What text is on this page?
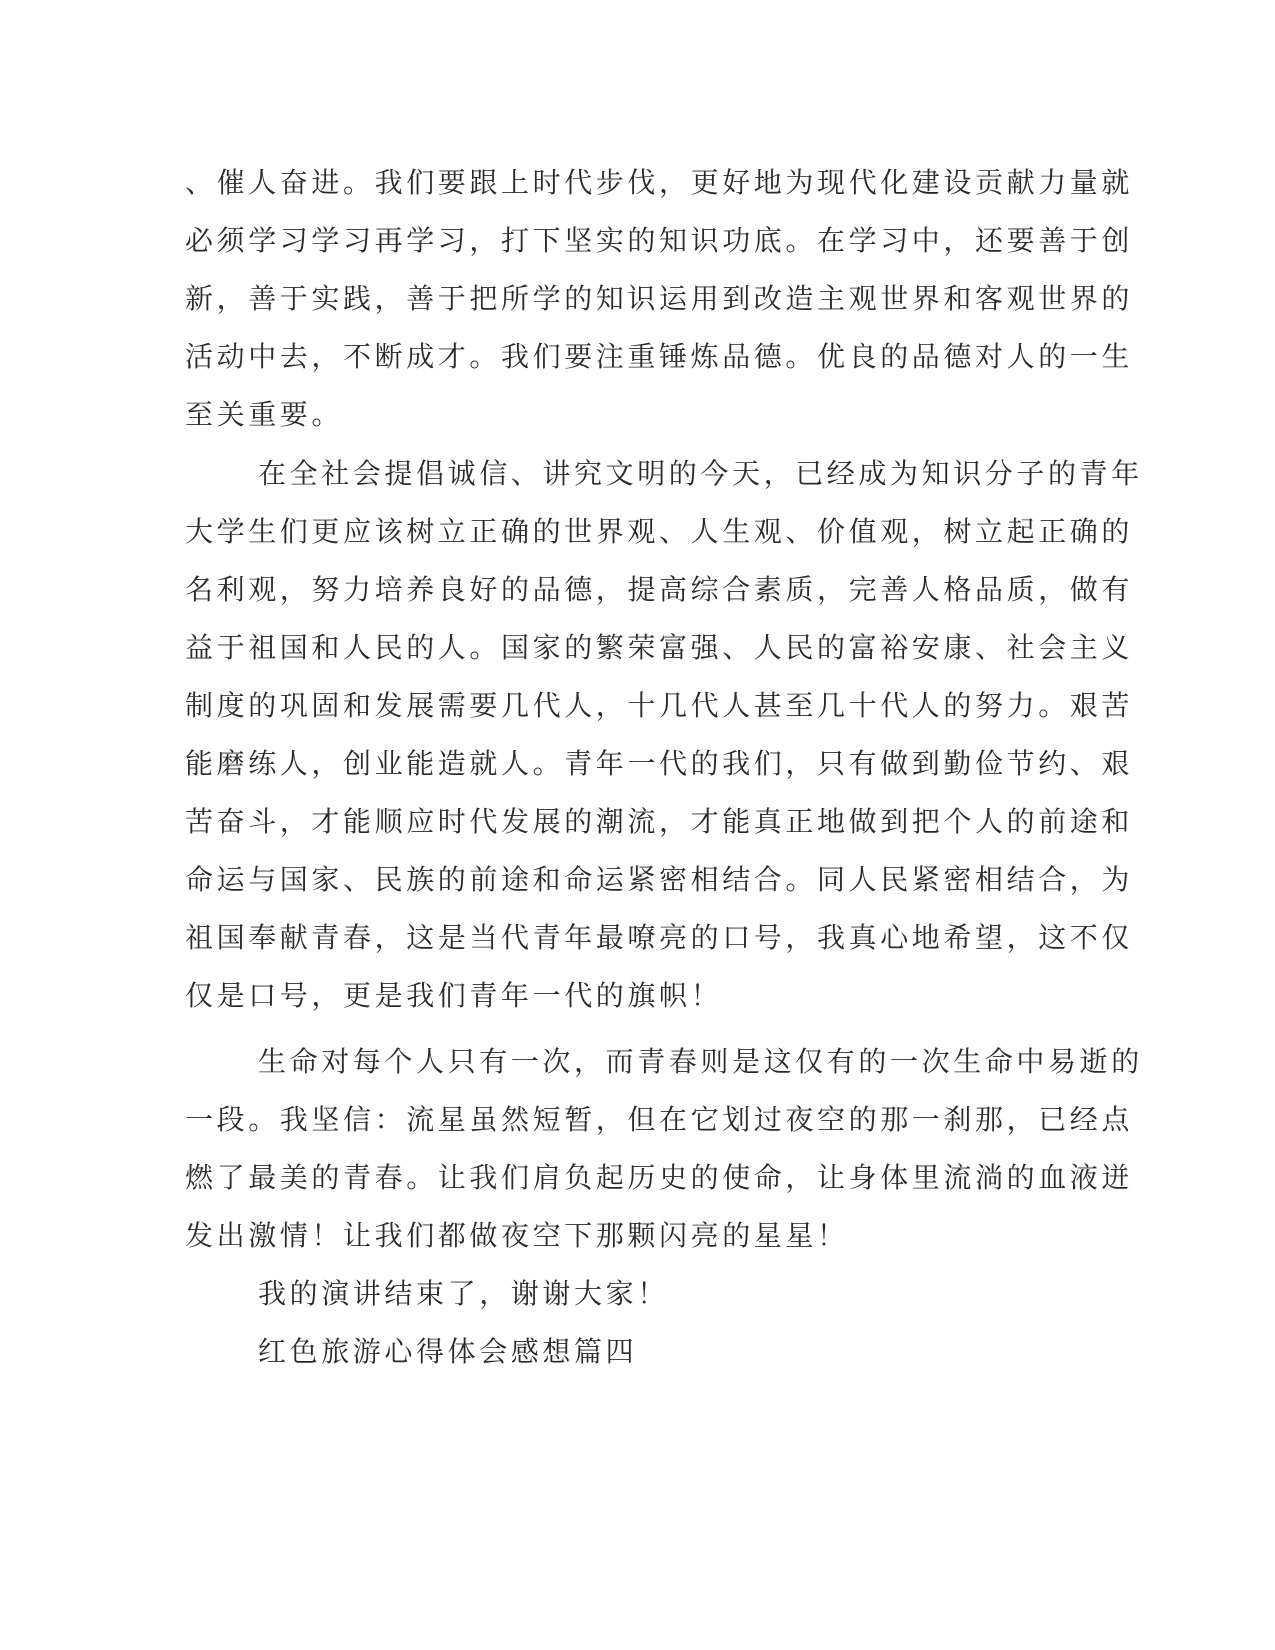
、催人奋进。我们要跟上时代步伐，更好地为现代化建设贡献力量就
必须学习学习再学习，打下坚实的知识功底。在学习中，还要善于创
新，善于实践，善于把所学的知识运用到改造主观世界和客观世界的
活动中去，不断成才。我们要注重锤炼品德。优良的品德对人的一生
至关重要。
在全社会提倡诚信、讲究文明的今天，已经成为知识分子的青年
大学生们更应该树立正确的世界观、人生观、价值观，树立起正确的
名利观，努力培养良好的品德，提高综合素质，完善人格品质，做有
益于祖国和人民的人。国家的繁荣富强、人民的富裕安康、社会主义
制度的巩固和发展需要几代人，十几代人甚至几十代人的努力。艰苦
能磨练人，创业能造就人。青年一代的我们，只有做到勤俭节约、艰
苦奋斗，才能顺应时代发展的潮流，才能真正地做到把个人的前途和
命运与国家、民族的前途和命运紧密相结合。同人民紧密相结合，为
祖国奉献青春，这是当代青年最嘹亮的口号，我真心地希望，这不仅
仅是口号，更是我们青年一代的旗帜！
生命对每个人只有一次，而青春则是这仅有的一次生命中易逝的
一段。我坚信：流星虽然短暂，但在它划过夜空的那一刹那，已经点
燃了最美的青春。让我们肩负起历史的使命，让身体里流淌的血液迸
发出激情！让我们都做夜空下那颗闪亮的星星！
我的演讲结束了，谢谢大家！
红色旅游心得体会感想篇四
